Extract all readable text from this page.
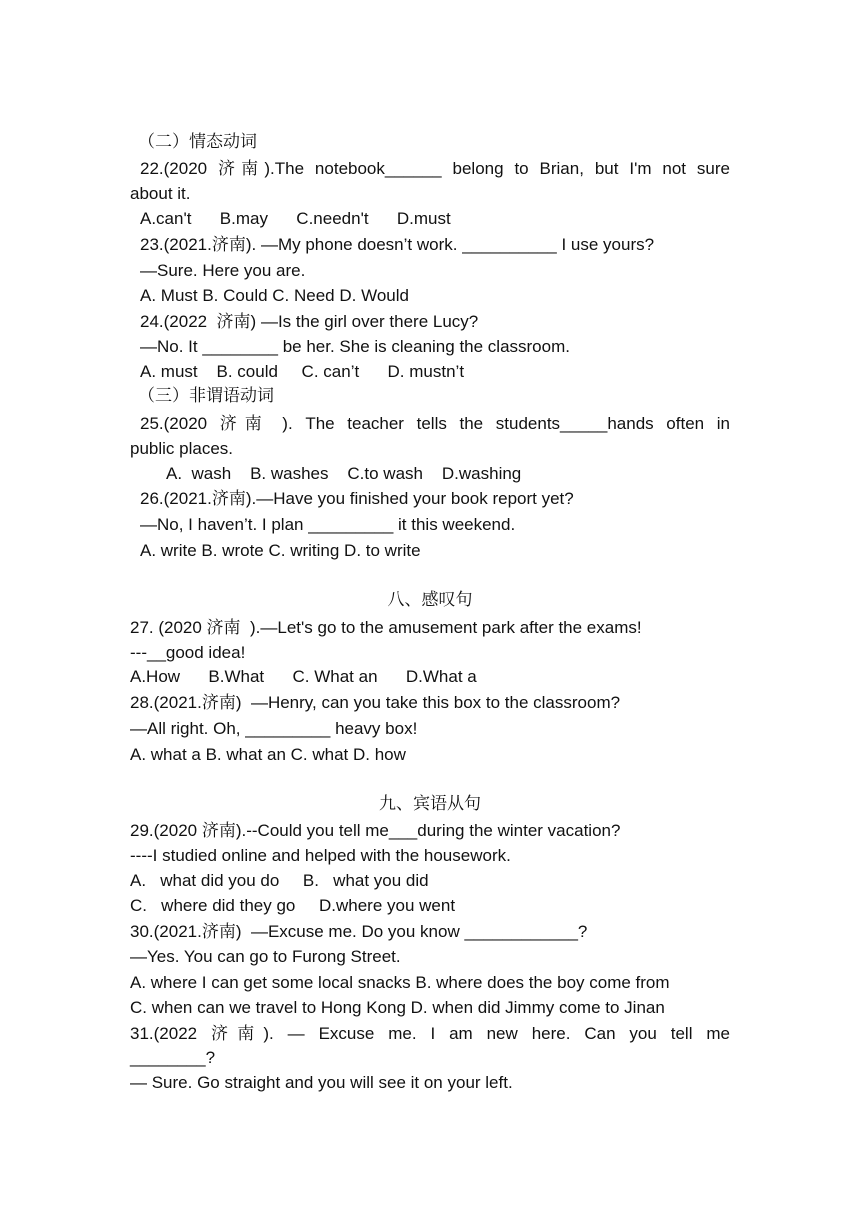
（二）情态动词
22.(2020 济南).The notebook______ belong to Brian, but I'm not sure
about it.
A.can't      B.may      C.needn't      D.must
23.(2021.济南). —My phone doesn’t work. __________ I use yours?
—Sure. Here you are.
A. Must B. Could C. Need D. Would
24.(2022  济南) —Is the girl over there Lucy?
—No. It ________ be her. She is cleaning the classroom.
A. must    B. could     C. can’t      D. mustn’t
（三）非谓语动词
25.(2020 济南 ). The teacher tells the students_____hands often in
public places.
A.  wash    B. washes    C.to wash    D.washing
26.(2021.济南).—Have you finished your book report yet?
—No, I haven’t. I plan _________ it this weekend.
A. write B. wrote C. writing D. to write
八、感叹句
27. (2020 济南  ).—Let's go to the amusement park after the exams!
---__good idea!
A.How      B.What      C. What an      D.What a
28.(2021.济南)  —Henry, can you take this box to the classroom?
—All right. Oh, _________ heavy box!
A. what a B. what an C. what D. how
九、宾语从句
29.(2020 济南).--Could you tell me___during the winter vacation?
----I studied online and helped with the housework.
A.   what did you do     B.   what you did
C.   where did they go     D.where you went
30.(2021.济南)  —Excuse me. Do you know ____________?
—Yes. You can go to Furong Street.
A. where I can get some local snacks B. where does the boy come from
C. when can we travel to Hong Kong D. when did Jimmy come to Jinan
31.(2022 济南). — Excuse me. I am new here. Can you tell me
________?
— Sure. Go straight and you will see it on your left.
